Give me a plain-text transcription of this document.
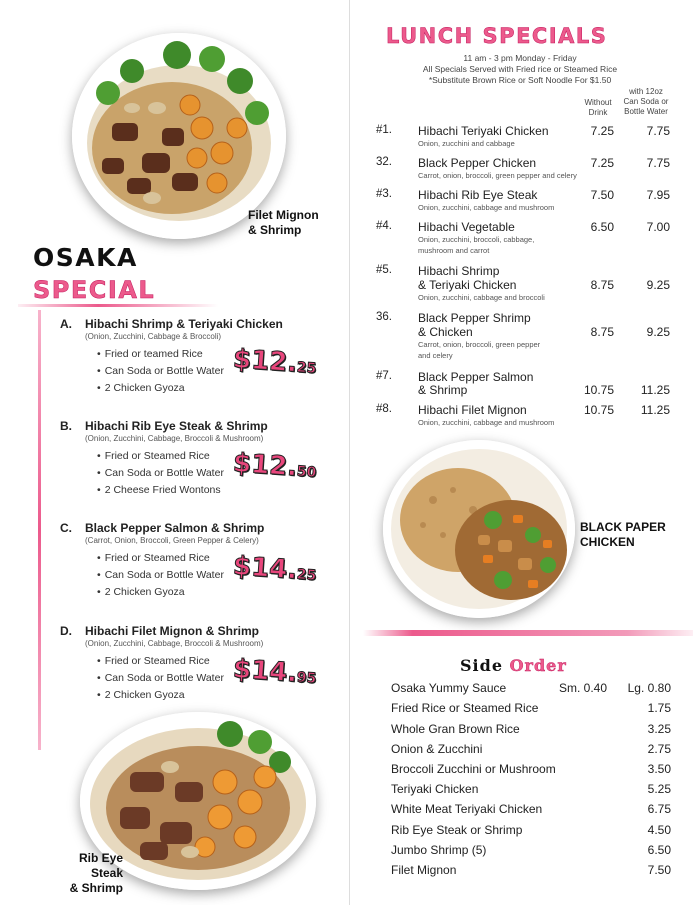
Filet Mignon
& Shrimp
OSAKA
SPECIAL
A. Hibachi Shrimp & Teriyaki Chicken
(Onion, Zucchini, Cabbage & Broccoli)
• Fried or teamed Rice
• Can Soda or Bottle Water
• 2 Chicken Gyoza
$12.25
B. Hibachi Rib Eye Steak & Shrimp
(Onion, Zucchini, Cabbage, Broccoli & Mushroom)
• Fried or Steamed Rice
• Can Soda or Bottle Water
• 2 Cheese Fried Wontons
$12.50
C. Black Pepper Salmon & Shrimp
(Carrot, Onion, Broccoli, Green Pepper & Celery)
• Fried or Steamed Rice
• Can Soda or Bottle Water
• 2 Chicken Gyoza
$14.25
D. Hibachi Filet Mignon & Shrimp
(Onion, Zucchini, Cabbage, Broccoli & Mushroom)
• Fried or Steamed Rice
• Can Soda or Bottle Water
• 2 Chicken Gyoza
$14.95
Rib Eye Steak
& Shrimp
LUNCH SPECIALS
11 am - 3 pm Monday - Friday
All Specials Served with Fried rice or Steamed Rice
*Substitute Brown Rice or Soft Noodle For $1.50
Without
Drink
with 12oz
Can Soda or
Bottle Water
#1.	Hibachi Teriyaki Chicken
Onion, zucchini and cabbage
7.25	7.75
32.	Black Pepper Chicken
Carrot, onion, broccoli, green pepper and celery
7.25	7.75
#3.	Hibachi Rib Eye Steak
Onion, zucchini, cabbage and mushroom
7.50	7.95
#4.	Hibachi Vegetable
Onion, zucchini, broccoli, cabbage,
mushroom and carrot
6.50	7.00
#5.	Hibachi Shrimp
& Teriyaki Chicken
Onion, zucchini, cabbage and broccoli
8.75	9.25
36.	Black Pepper Shrimp
& Chicken
Carrot, onion, broccoli, green pepper
and celery
8.75	9.25
#7.	Black Pepper Salmon
& Shrimp	10.75	11.25
#8.	Hibachi Filet Mignon
Onion, zucchini, cabbage and mushroom
10.75	11.25
BLACK PAPER
CHICKEN
Side Order
Osaka Yummy Sauce	Sm. 0.40 Lg. 0.80
Fried Rice or Steamed Rice	1.75
Whole Gran Brown Rice	3.25
Onion & Zucchini	2.75
Broccoli Zucchini or Mushroom	3.50
Teriyaki Chicken	5.25
White Meat Teriyaki Chicken	6.75
Rib Eye Steak or Shrimp	4.50
Jumbo Shrimp (5)	6.50
Filet Mignon	7.50
